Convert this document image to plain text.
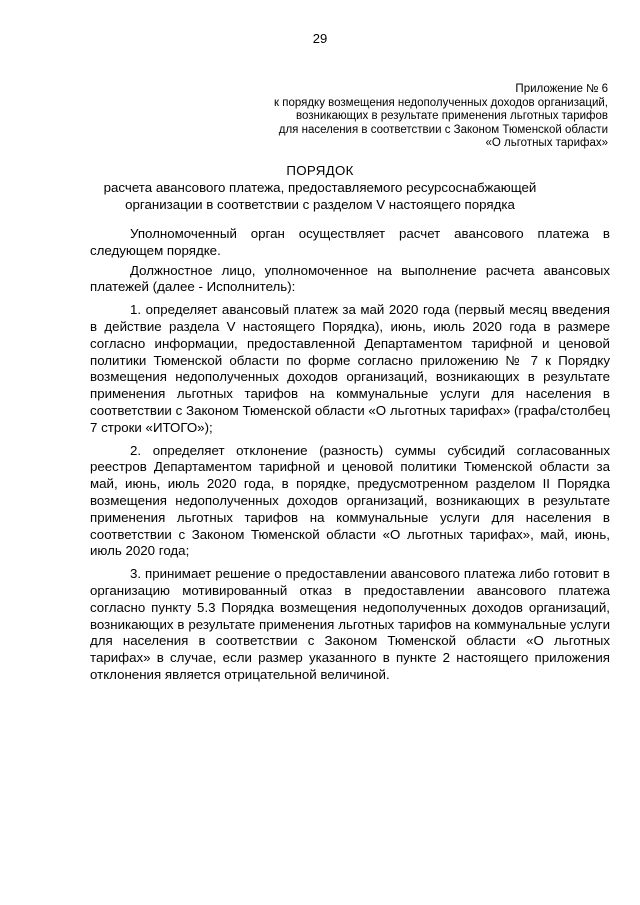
29
Приложение № 6
к порядку возмещения недополученных доходов организаций,
возникающих в результате применения льготных тарифов
для населения в соответствии с Законом Тюменской области
«О льготных тарифах»
ПОРЯДОК
расчета авансового платежа, предоставляемого ресурсоснабжающей
организации в соответствии с разделом V настоящего порядка

Уполномоченный орган осуществляет расчет авансового платежа в следующем порядке.

Должностное лицо, уполномоченное на выполнение расчета авансовых платежей (далее - Исполнитель):

1. определяет авансовый платеж за май 2020 года (первый месяц введения в действие раздела V настоящего Порядка), июнь, июль 2020 года в размере согласно информации, предоставленной Департаментом тарифной и ценовой политики Тюменской области по форме согласно приложению № 7 к Порядку возмещения недополученных доходов организаций, возникающих в результате применения льготных тарифов на коммунальные услуги для населения в соответствии с Законом Тюменской области «О льготных тарифах» (графа/столбец 7 строки «ИТОГО»);

2. определяет отклонение (разность) суммы субсидий согласованных реестров Департаментом тарифной и ценовой политики Тюменской области за май, июнь, июль 2020 года, в порядке, предусмотренном разделом II Порядка возмещения недополученных доходов организаций, возникающих в результате применения льготных тарифов на коммунальные услуги для населения в соответствии с Законом Тюменской области «О льготных тарифах», май, июнь, июль 2020 года;

3. принимает решение о предоставлении авансового платежа либо готовит в организацию мотивированный отказ в предоставлении авансового платежа согласно пункту 5.3 Порядка возмещения недополученных доходов организаций, возникающих в результате применения льготных тарифов на коммунальные услуги для населения в соответствии с Законом Тюменской области «О льготных тарифах» в случае, если размер указанного в пункте 2 настоящего приложения отклонения является отрицательной величиной.
